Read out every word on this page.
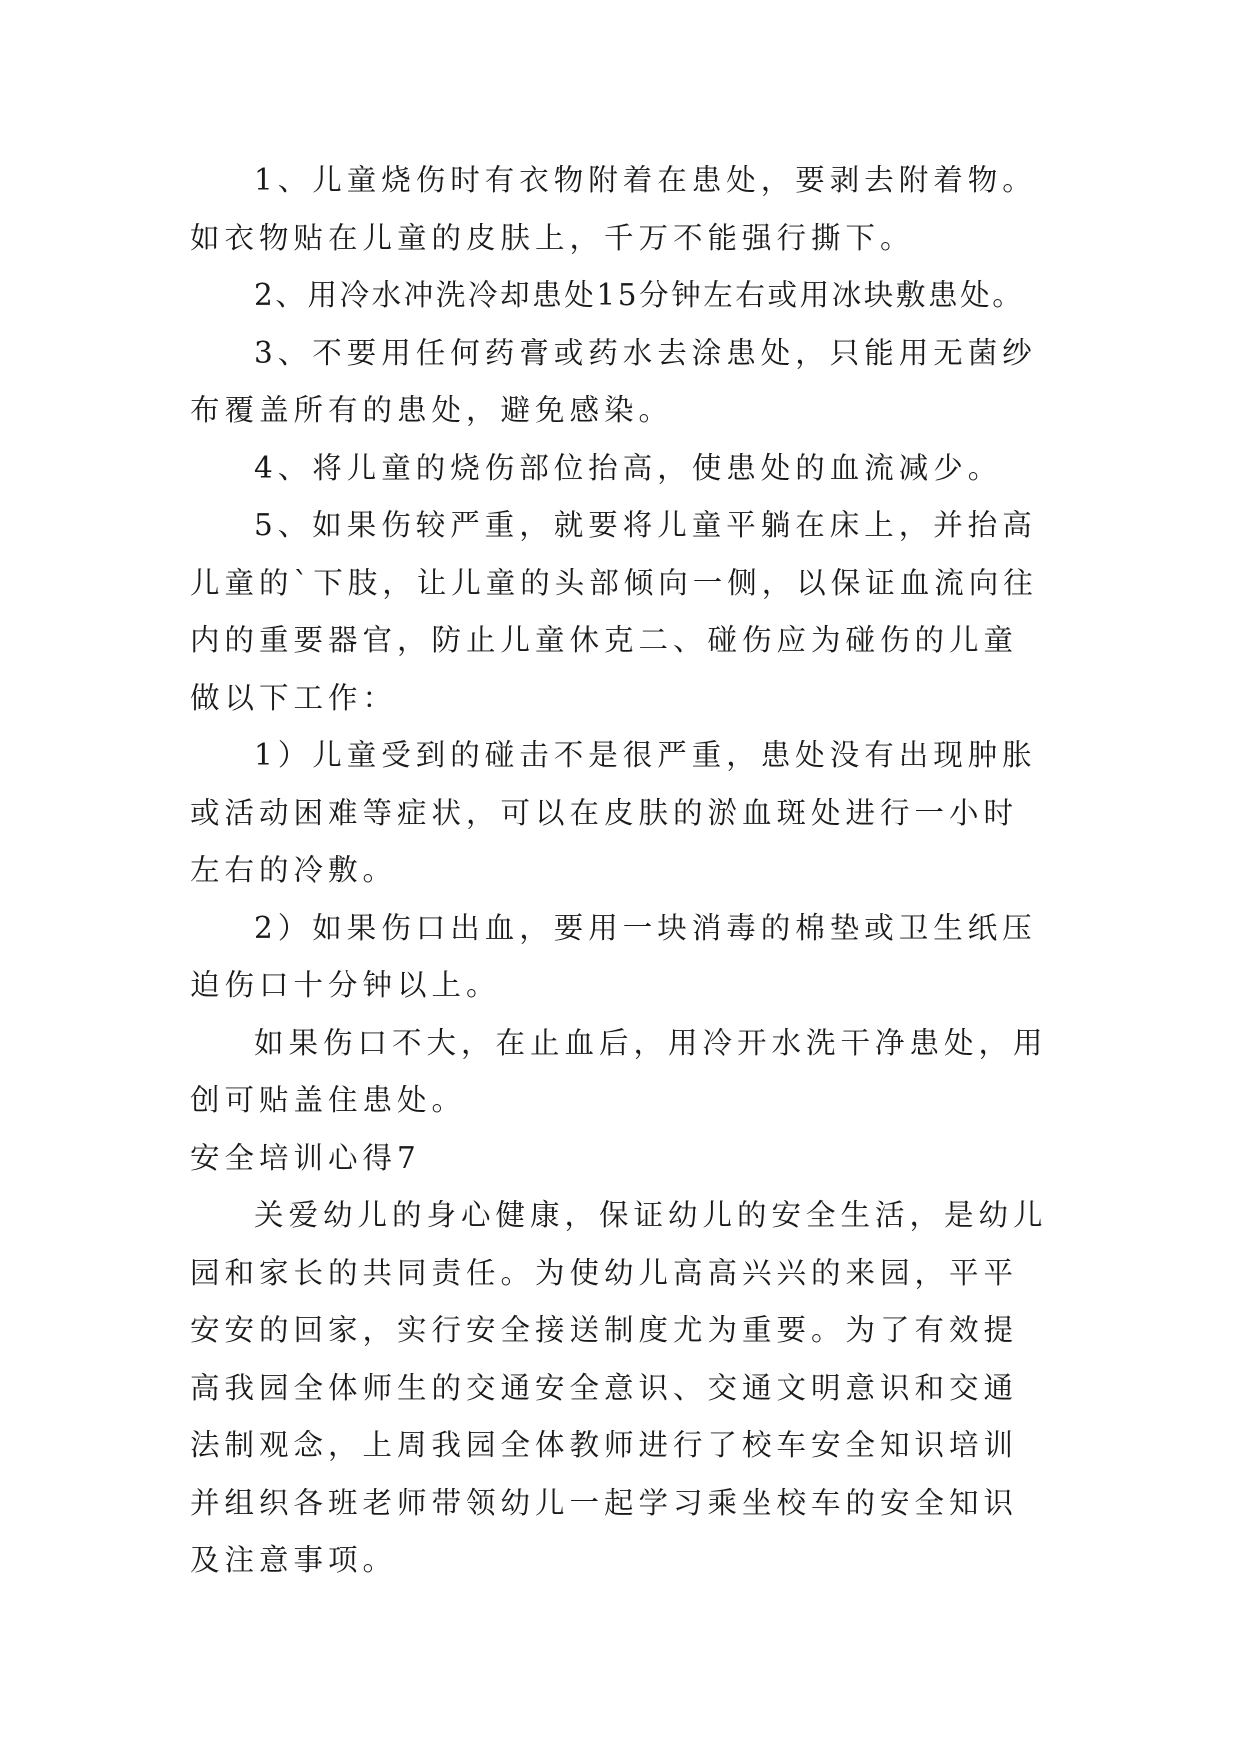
1、儿童烧伤时有衣物附着在患处，要剥去附着物。如衣物贴在儿童的皮肤上，千万不能强行撕下。

2、用冷水冲洗冷却患处15分钟左右或用冰块敷患处。

3、不要用任何药膏或药水去涂患处，只能用无菌纱布覆盖所有的患处，避免感染。

4、将儿童的烧伤部位抬高，使患处的血流减少。

5、如果伤较严重，就要将儿童平躺在床上，并抬高儿童的`下肢，让儿童的头部倾向一侧，以保证血流向往内的重要器官，防止儿童休克二、碰伤应为碰伤的儿童做以下工作：

1）儿童受到的碰击不是很严重，患处没有出现肿胀或活动困难等症状，可以在皮肤的淤血斑处进行一小时左右的冷敷。

2）如果伤口出血，要用一块消毒的棉垫或卫生纸压迫伤口十分钟以上。

如果伤口不大，在止血后，用冷开水洗干净患处，用创可贴盖住患处。

安全培训心得7

关爱幼儿的身心健康，保证幼儿的安全生活，是幼儿园和家长的共同责任。为使幼儿高高兴兴的来园，平平安安的回家，实行安全接送制度尤为重要。为了有效提高我园全体师生的交通安全意识、交通文明意识和交通法制观念，上周我园全体教师进行了校车安全知识培训并组织各班老师带领幼儿一起学习乘坐校车的安全知识及注意事项。
